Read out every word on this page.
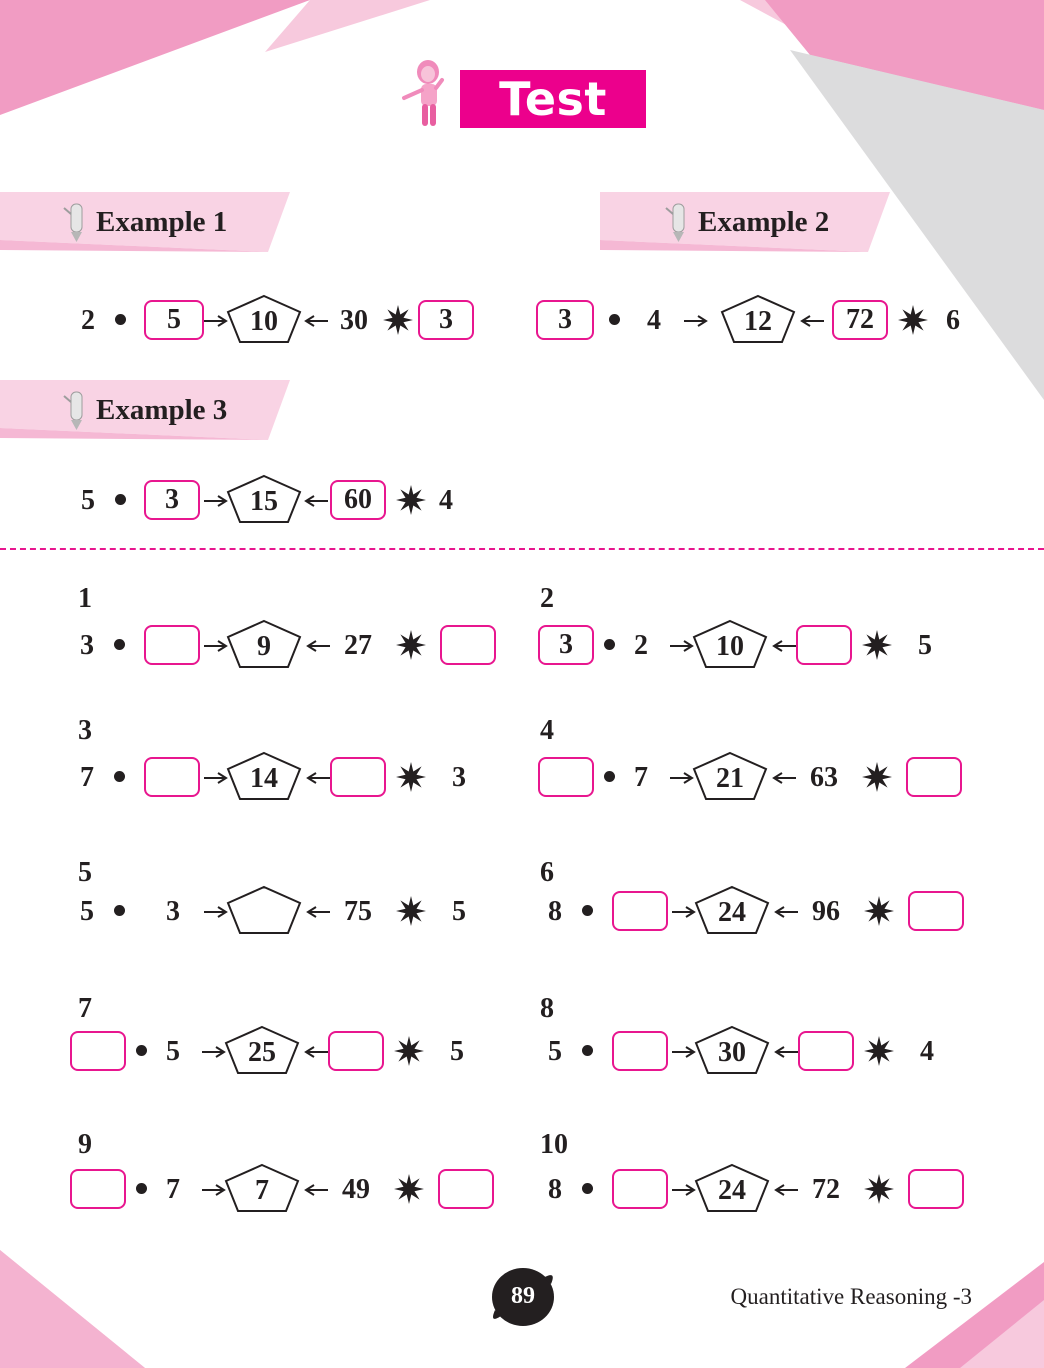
Test 21
Example 1	Example 2
Example 3
2	5	10	30	3	3	4	12	72	6
5	3	15	60	4
1
3	9	27
2
3	2	10	5
3
7	14	3
4
7	21	63
5
5	3	75	5
6
8	24	96
7
5	25	5
8
5	30	4
9
7	7	49
10
8	24	72
89	Quantitative Reasoning -3
